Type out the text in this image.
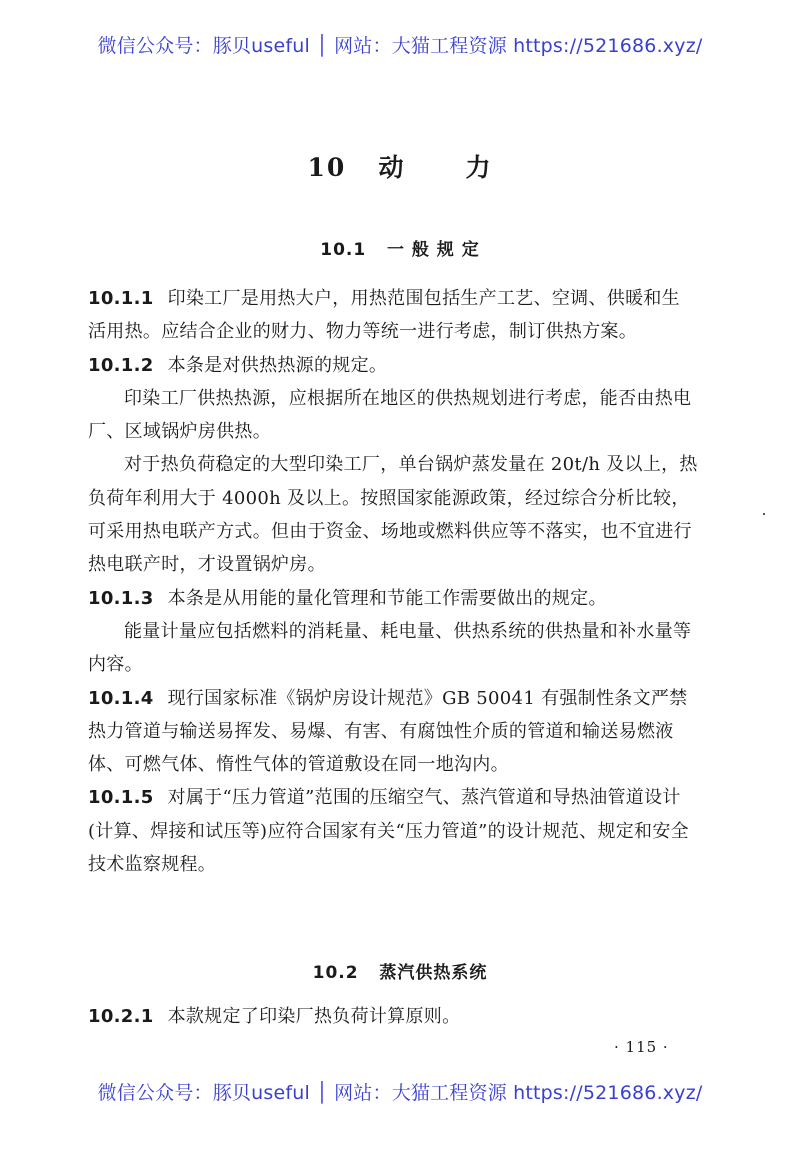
微信公众号：豚贝useful │ 网站：大猫工程资源 https://521686.xyz/
10 动 力
10.1 一 般 规 定

10.1.1 印染工厂是用热大户，用热范围包括生产工艺、空调、供暖和生活用热。应结合企业的财力、物力等统一进行考虑，制订供热方案。

10.1.2 本条是对供热热源的规定。

印染工厂供热热源，应根据所在地区的供热规划进行考虑，能否由热电厂、区域锅炉房供热。

对于热负荷稳定的大型印染工厂，单台锅炉蒸发量在 20t/h 及以上，热负荷年利用大于 4000h 及以上。按照国家能源政策，经过综合分析比较，可采用热电联产方式。但由于资金、场地或燃料供应等不落实，也不宜进行热电联产时，才设置锅炉房。

10.1.3 本条是从用能的量化管理和节能工作需要做出的规定。

能量计量应包括燃料的消耗量、耗电量、供热系统的供热量和补水量等内容。

10.1.4 现行国家标准《锅炉房设计规范》GB 50041 有强制性条文严禁热力管道与输送易挥发、易爆、有害、有腐蚀性介质的管道和输送易燃液体、可燃气体、惰性气体的管道敷设在同一地沟内。

10.1.5 对属于“压力管道”范围的压缩空气、蒸汽管道和导热油管道设计(计算、焊接和试压等)应符合国家有关“压力管道”的设计规范、规定和安全技术监察规程。

10.2 蒸汽供热系统

10.2.1 本款规定了印染厂热负荷计算原则。

· 115 ·
微信公众号：豚贝useful │ 网站：大猫工程资源 https://521686.xyz/
